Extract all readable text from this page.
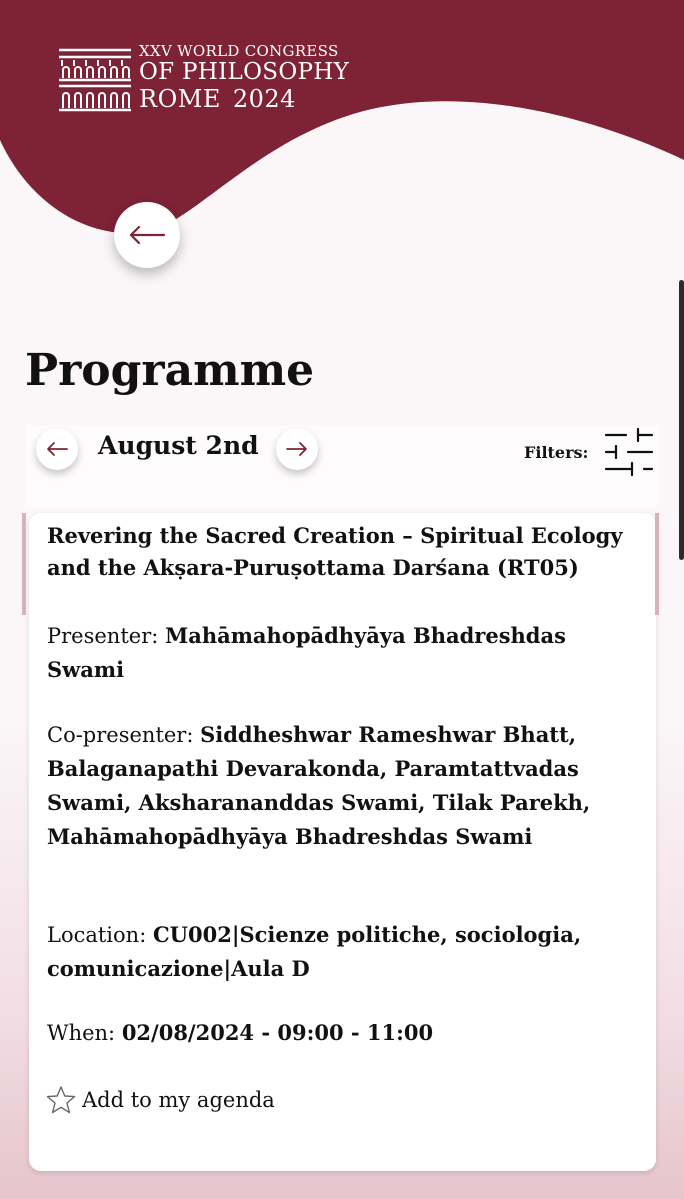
XXV WORLD CONGRESS
OF PHILOSOPHY
ROME 2024
Programme
August 2nd	Filters:
Revering the Sacred Creation – Spiritual Ecology and the Akṣara-Puruṣottama Darśana (RT05)

Presenter: Mahāmahopādhyāya Bhadreshdas Swami

Co-presenter: Siddheshwar Rameshwar Bhatt, Balaganapathi Devarakonda, Paramtattvadas Swami, Aksharananddas Swami, Tilak Parekh, Mahāmahopādhyāya Bhadreshdas Swami

Location: CU002|Scienze politiche, sociologia, comunicazione|Aula D

When: 02/08/2024 - 09:00 - 11:00

Add to my agenda
